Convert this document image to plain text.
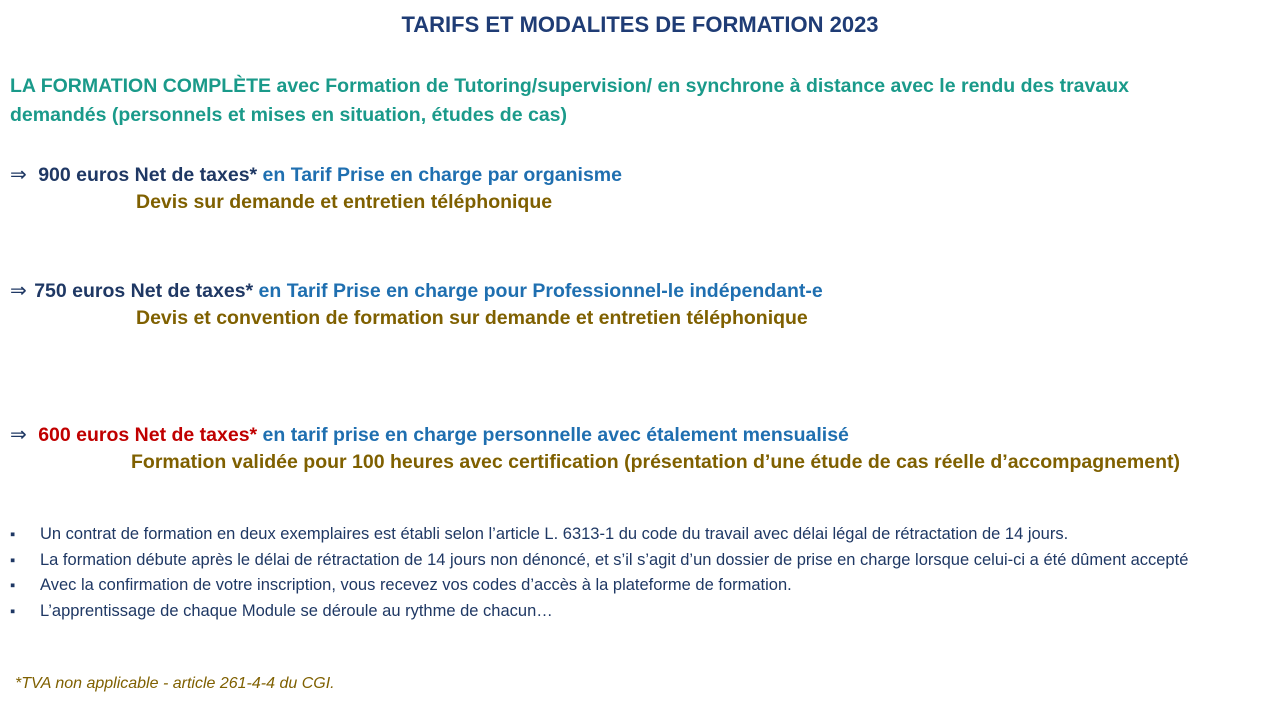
TARIFS ET MODALITES DE FORMATION 2023
LA FORMATION COMPLÈTE avec Formation de Tutoring/supervision/ en synchrone à distance avec le rendu des travaux
demandés (personnels et mises en situation, études de cas)
⇒ 900 euros Net de taxes* en Tarif Prise en charge par organisme
Devis sur demande et entretien téléphonique
⇒ 750 euros Net de taxes* en Tarif Prise en charge pour Professionnel-le indépendant-e
Devis et convention de formation sur demande et entretien téléphonique
⇒ 600 euros Net de taxes* en tarif prise en charge personnelle avec étalement mensualisé
Formation validée pour 100 heures avec certification (présentation d’une étude de cas réelle d’accompagnement)
▪ Un contrat de formation en deux exemplaires est établi selon l’article L. 6313-1 du code du travail avec délai légal de rétractation de 14 jours.
▪ La formation débute après le délai de rétractation de 14 jours non dénoncé, et s’il s’agit d’un dossier de prise en charge lorsque celui-ci a été dûment accepté
▪ Avec la confirmation de votre inscription, vous recevez vos codes d’accès à la plateforme de formation.
▪ L’apprentissage de chaque Module se déroule au rythme de chacun…
*TVA non applicable - article 261-4-4 du CGI.
